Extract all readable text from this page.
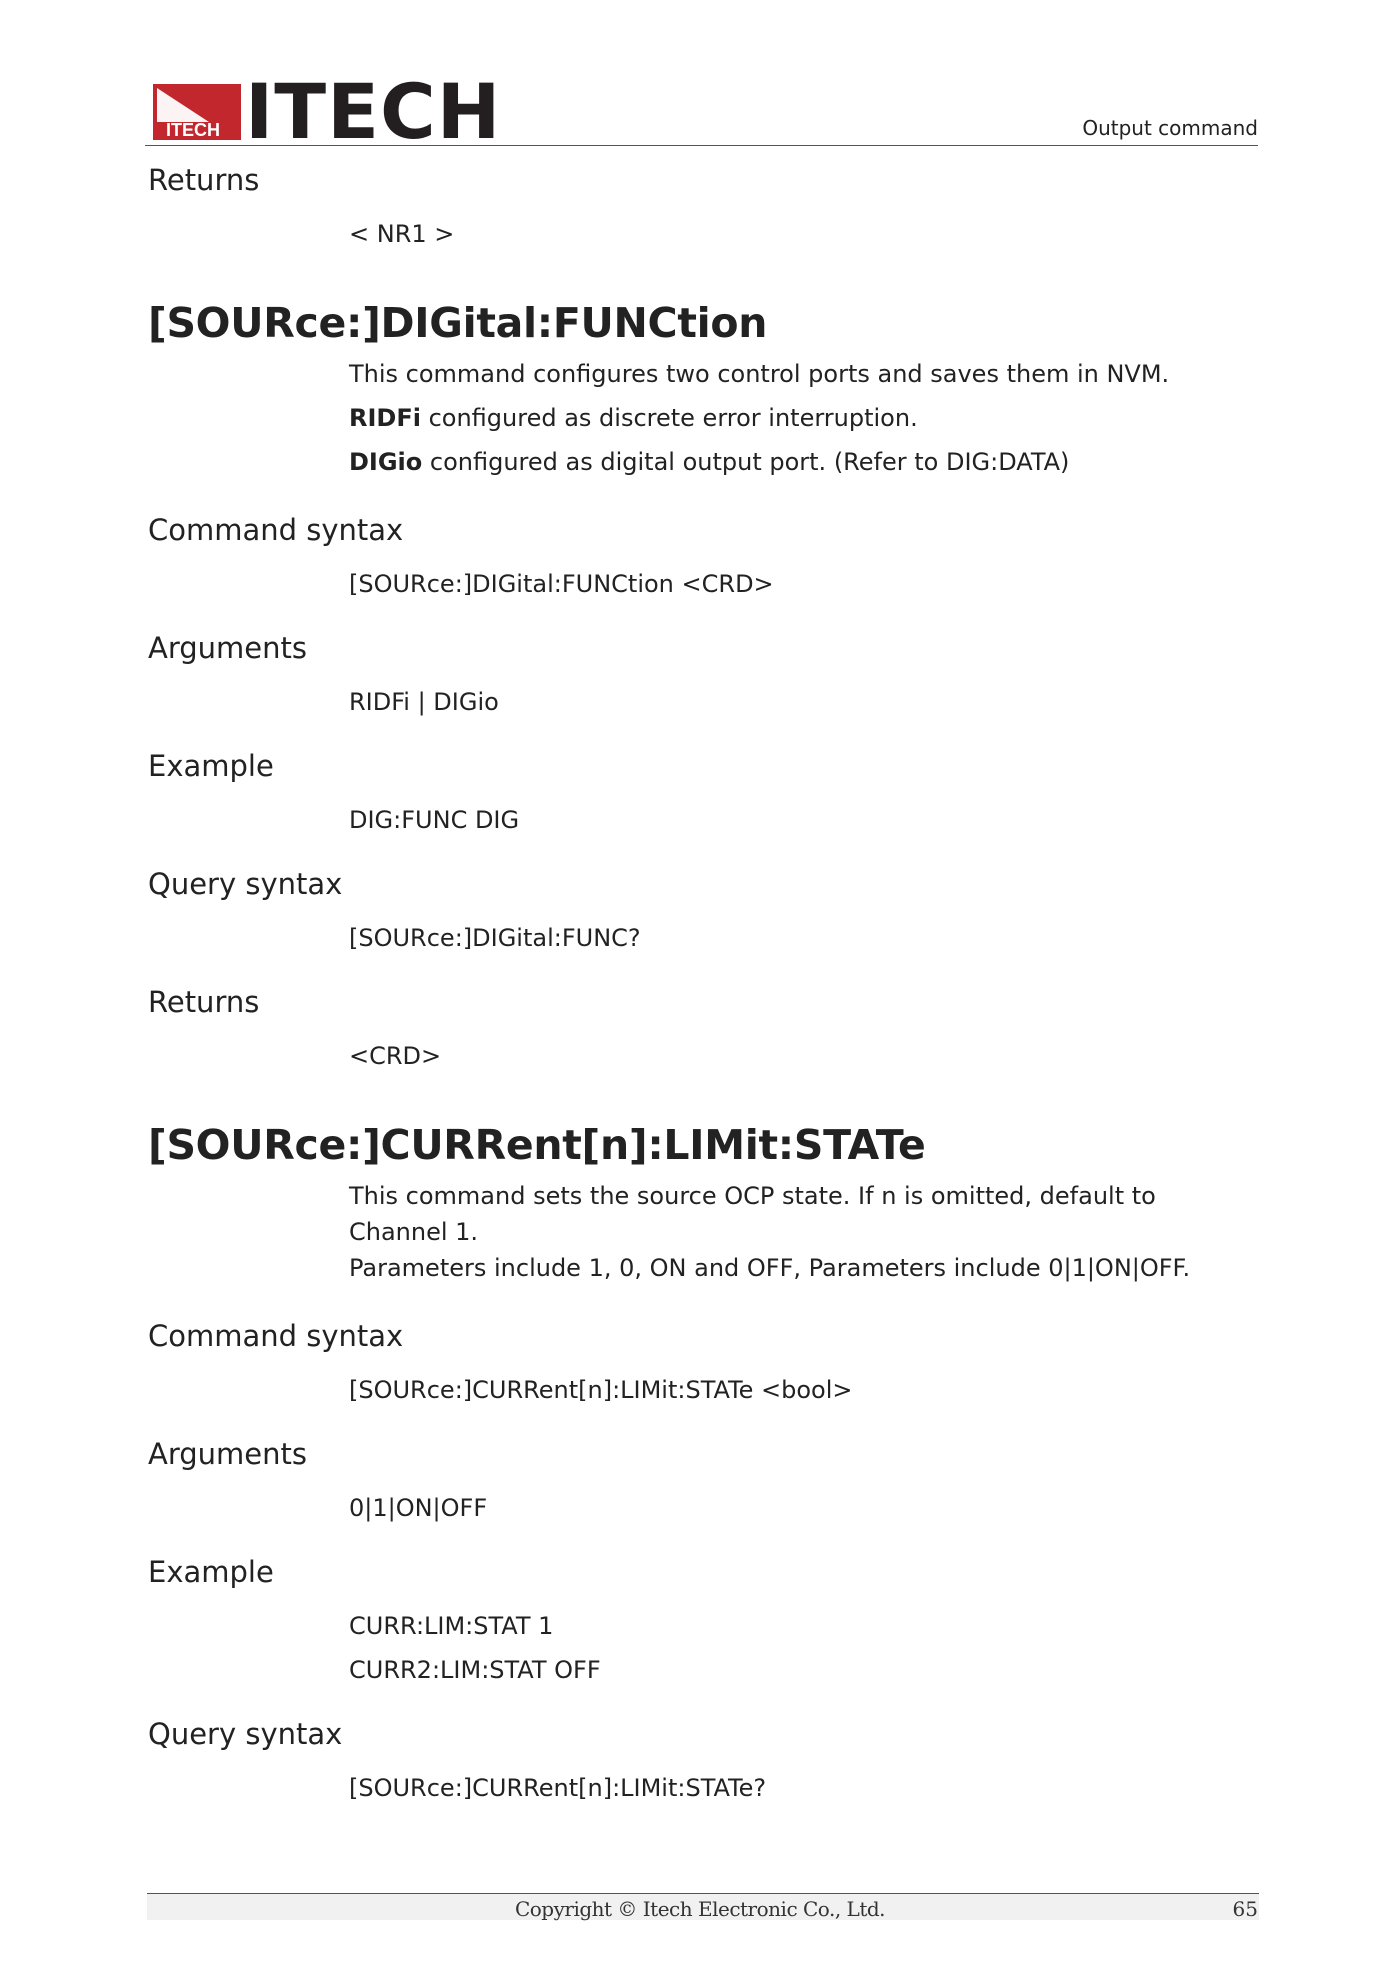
ITECH ITECH	Output command
Returns

< NR1 >

[SOURce:]DIGital:FUNCtion

This command configures two control ports and saves them in NVM.

RIDFi configured as discrete error interruption.

DIGio configured as digital output port. (Refer to DIG:DATA)

Command syntax

[SOURce:]DIGital:FUNCtion <CRD>

Arguments

RIDFi | DIGio

Example

DIG:FUNC DIG

Query syntax

[SOURce:]DIGital:FUNC?

Returns

<CRD>

[SOURce:]CURRent[n]:LIMit:STATe

This command sets the source OCP state. If n is omitted, default to Channel 1.

Parameters include 1, 0, ON and OFF, Parameters include 0|1|ON|OFF.

Command syntax

[SOURce:]CURRent[n]:LIMit:STATe <bool>

Arguments

0|1|ON|OFF

Example

CURR:LIM:STAT 1

CURR2:LIM:STAT OFF

Query syntax

[SOURce:]CURRent[n]:LIMit:STATe?

Copyright © Itech Electronic Co., Ltd.	65
